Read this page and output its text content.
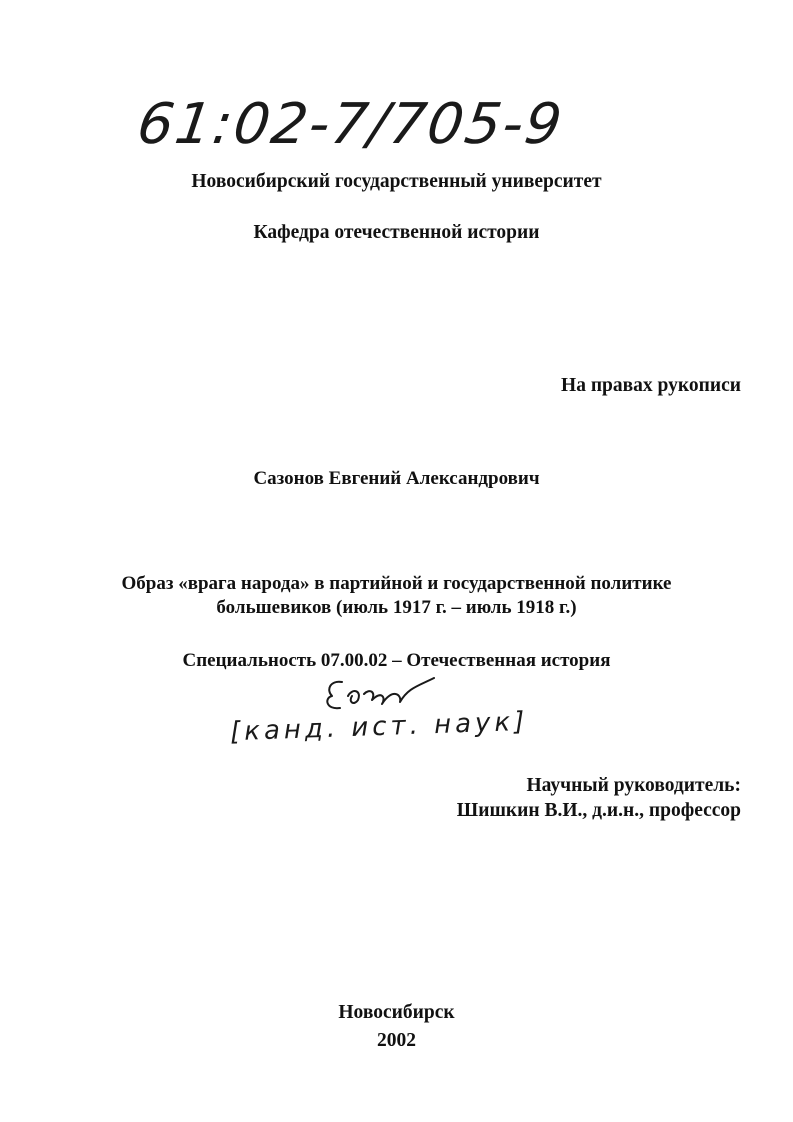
61:02-7/705-9
Новосибирский государственный университет
Кафедра отечественной истории
На правах рукописи
Сазонов Евгений Александрович
Образ «врага народа» в партийной и государственной политике
большевиков (июль 1917 г. – июль 1918 г.)
Специальность 07.00.02 – Отечественная история
[канд. ист. наук]
Научный руководитель:
Шишкин В.И., д.и.н., профессор
Новосибирск
2002
